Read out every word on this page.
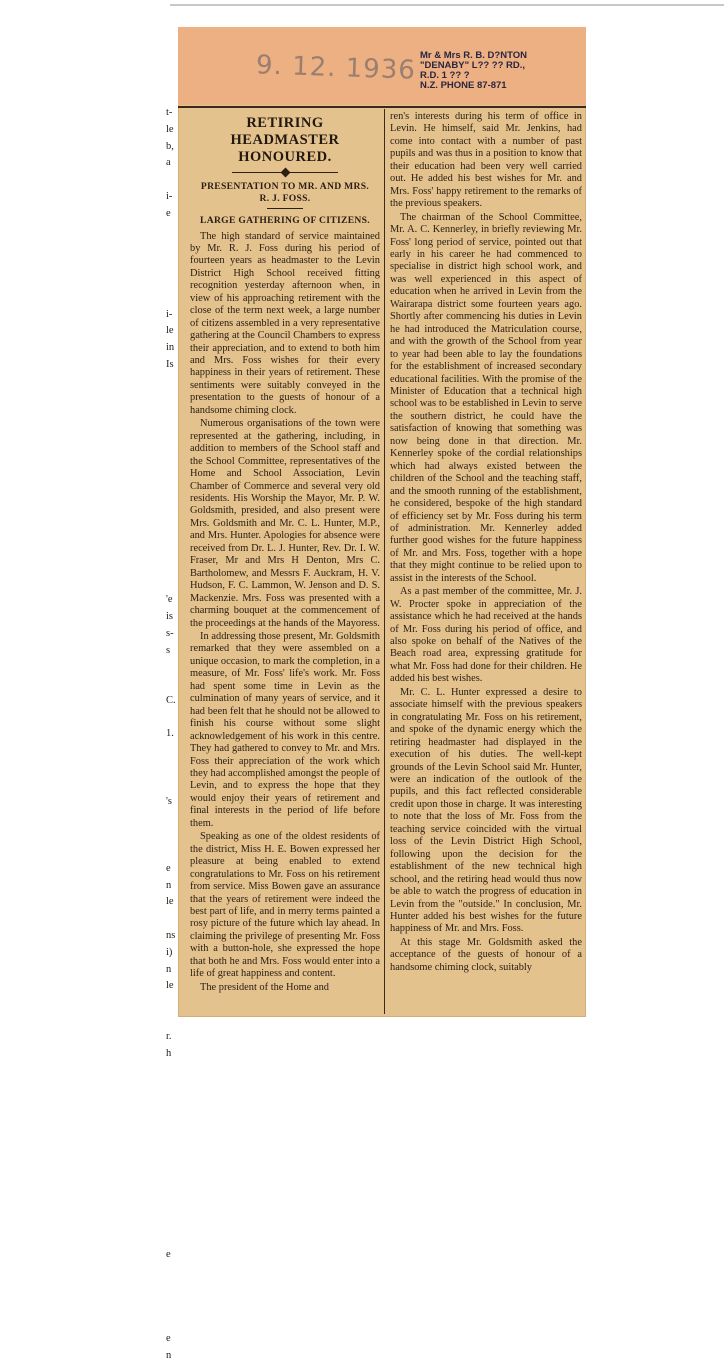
t-
le
b,
a
i-
e
i-
le
in
Is
'e
is
s-
s
C.
1.
's
e
n
le
ns
i)
n
le
r.
h
e
e
n
9. 12. 1936 Mr & Mrs R. B. D?NTON
"DENABY" L?? ?? RD.,
R.D. 1 ?? ?
N.Z. PHONE 87-871
RETIRING HEADMASTER
HONOURED.
PRESENTATION TO MR. AND MRS.
R. J. FOSS.
LARGE GATHERING OF CITIZENS.

The high standard of service maintained by Mr. R. J. Foss during his period of fourteen years as headmaster to the Levin District High School received fitting recognition yesterday afternoon when, in view of his approaching retirement with the close of the term next week, a large number of citizens assembled in a very representative gathering at the Council Chambers to express their appreciation, and to extend to both him and Mrs. Foss wishes for their every happiness in their years of retirement. These sentiments were suitably conveyed in the presentation to the guests of honour of a handsome chiming clock.

Numerous organisations of the town were represented at the gathering, including, in addition to members of the School staff and the School Committee, representatives of the Home and School Association, Levin Chamber of Commerce and several very old residents. His Worship the Mayor, Mr. P. W. Goldsmith, presided, and also present were Mrs. Goldsmith and Mr. C. L. Hunter, M.P., and Mrs. Hunter. Apologies for absence were received from Dr. L. J. Hunter, Rev. Dr. I. W. Fraser, Mr and Mrs H Denton, Mrs C. Bartholomew, and Messrs F. Auckram, H. V. Hudson, F. C. Lammon, W. Jenson and D. S. Mackenzie. Mrs. Foss was presented with a charming bouquet at the commencement of the proceedings at the hands of the Mayoress.

In addressing those present, Mr. Goldsmith remarked that they were assembled on a unique occasion, to mark the completion, in a measure, of Mr. Foss' life's work. Mr. Foss had spent some time in Levin as the culmination of many years of service, and it had been felt that he should not be allowed to finish his course without some slight acknowledgement of his work in this centre. They had gathered to convey to Mr. and Mrs. Foss their appreciation of the work which they had accomplished amongst the people of Levin, and to express the hope that they would enjoy their years of retirement and final interests in the period of life before them.

Speaking as one of the oldest residents of the district, Miss H. E. Bowen expressed her pleasure at being enabled to extend congratulations to Mr. Foss on his retirement from service. Miss Bowen gave an assurance that the years of retirement were indeed the best part of life, and in merry terms painted a rosy picture of the future which lay ahead. In claiming the privilege of presenting Mr. Foss with a button-hole, she expressed the hope that both he and Mrs. Foss would enter into a life of great happiness and content.

The president of the Home and

ren's interests during his term of office in Levin. He himself, said Mr. Jenkins, had come into contact with a number of past pupils and was thus in a position to know that their education had been very well carried out. He added his best wishes for Mr. and Mrs. Foss' happy retirement to the remarks of the previous speakers.

The chairman of the School Committee, Mr. A. C. Kennerley, in briefly reviewing Mr. Foss' long period of service, pointed out that early in his career he had commenced to specialise in district high school work, and was well experienced in this aspect of education when he arrived in Levin from the Wairarapa district some fourteen years ago. Shortly after commencing his duties in Levin he had introduced the Matriculation course, and with the growth of the School from year to year had been able to lay the foundations for the establishment of increased secondary educational facilities. With the promise of the Minister of Education that a technical high school was to be established in Levin to serve the southern district, he could have the satisfaction of knowing that something was now being done in that direction. Mr. Kennerley spoke of the cordial relationships which had always existed between the children of the School and the teaching staff, and the smooth running of the establishment, he considered, bespoke of the high standard of efficiency set by Mr. Foss during his term of administration. Mr. Kennerley added further good wishes for the future happiness of Mr. and Mrs. Foss, together with a hope that they might continue to be relied upon to assist in the interests of the School.

As a past member of the committee, Mr. J. W. Procter spoke in appreciation of the assistance which he had received at the hands of Mr. Foss during his period of office, and also spoke on behalf of the Natives of the Beach road area, expressing gratitude for what Mr. Foss had done for their children. He added his best wishes.

Mr. C. L. Hunter expressed a desire to associate himself with the previous speakers in congratulating Mr. Foss on his retirement, and spoke of the dynamic energy which the retiring headmaster had displayed in the execution of his duties. The well-kept grounds of the Levin School said Mr. Hunter, were an indication of the outlook of the pupils, and this fact reflected considerable credit upon those in charge. It was interesting to note that the loss of Mr. Foss from the teaching service coincided with the virtual loss of the Levin District High School, following upon the decision for the establishment of the new technical high school, and the retiring head would thus now be able to watch the progress of education in Levin from the "outside." In conclusion, Mr. Hunter added his best wishes for the future happiness of Mr. and Mrs. Foss.

At this stage Mr. Goldsmith asked the acceptance of the guests of honour of a handsome chiming clock, suitably
